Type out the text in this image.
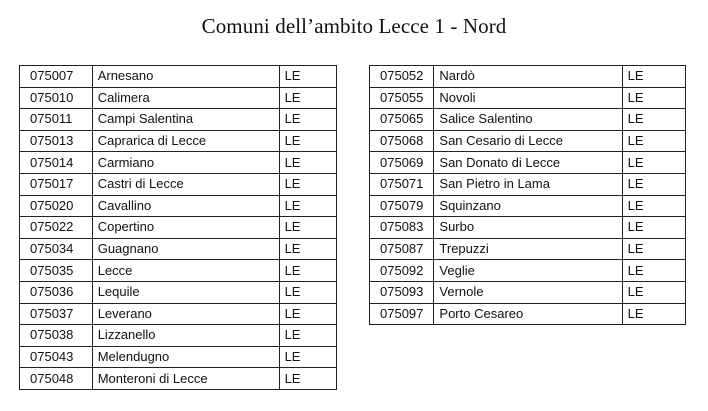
Comuni dell’ambito Lecce 1 - Nord
075007	Arnesano	LE
075010	Calimera	LE
075011	Campi Salentina	LE
075013	Caprarica di Lecce	LE
075014	Carmiano	LE
075017	Castri di Lecce	LE
075020	Cavallino	LE
075022	Copertino	LE
075034	Guagnano	LE
075035	Lecce	LE
075036	Lequile	LE
075037	Leverano	LE
075038	Lizzanello	LE
075043	Melendugno	LE
075048	Monteroni di Lecce	LE
075052	Nardò	LE
075055	Novoli	LE
075065	Salice Salentino	LE
075068	San Cesario di Lecce	LE
075069	San Donato di Lecce	LE
075071	San Pietro in Lama	LE
075079	Squinzano	LE
075083	Surbo	LE
075087	Trepuzzi	LE
075092	Veglie	LE
075093	Vernole	LE
075097	Porto Cesareo	LE
